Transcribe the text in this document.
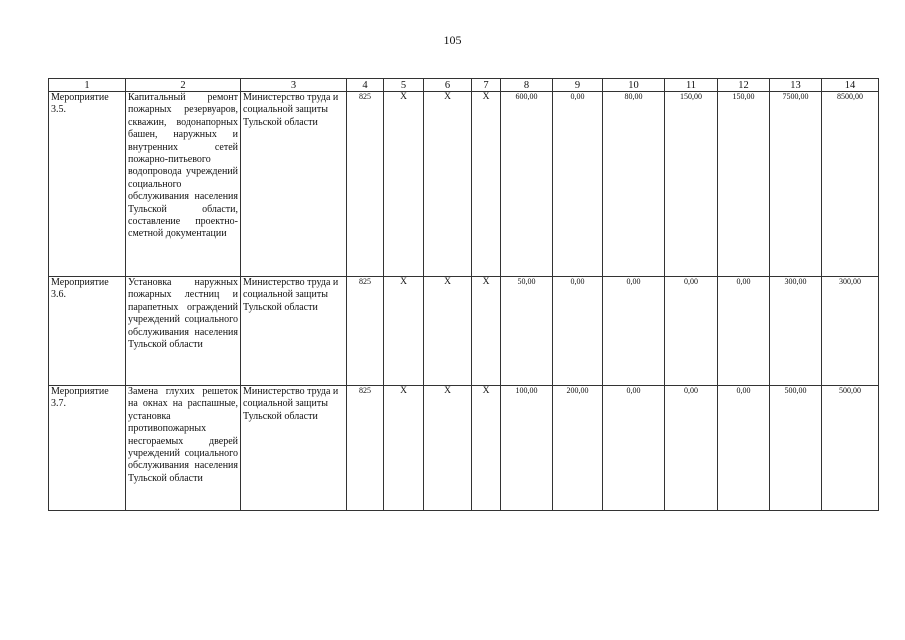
105
1	2	3	4	5	6	7	8	9	10	11	12	13	14
Мероприятие 3.5.	Капитальный ремонт пожарных резервуаров, скважин, водонапорных башен, наружных и внутренних сетей пожарно-питьевого водопровода учреждений социального обслуживания населения Тульской области, составление проектно-сметной документации	Министерство труда и социальной защиты Тульской области	825	Х	Х	Х	600,00	0,00	80,00	150,00	150,00	7500,00	8500,00
Мероприятие 3.6.	Установка наружных пожарных лестниц и парапетных ограждений учреждений социального обслуживания населения Тульской области	Министерство труда и социальной защиты Тульской области	825	Х	Х	Х	50,00	0,00	0,00	0,00	0,00	300,00	300,00
Мероприятие 3.7.	Замена глухих решеток на окнах на распашные, установка противопожарных несгораемых дверей учреждений социального обслуживания населения Тульской области	Министерство труда и социальной защиты Тульской области	825	Х	Х	Х	100,00	200,00	0,00	0,00	0,00	500,00	500,00
